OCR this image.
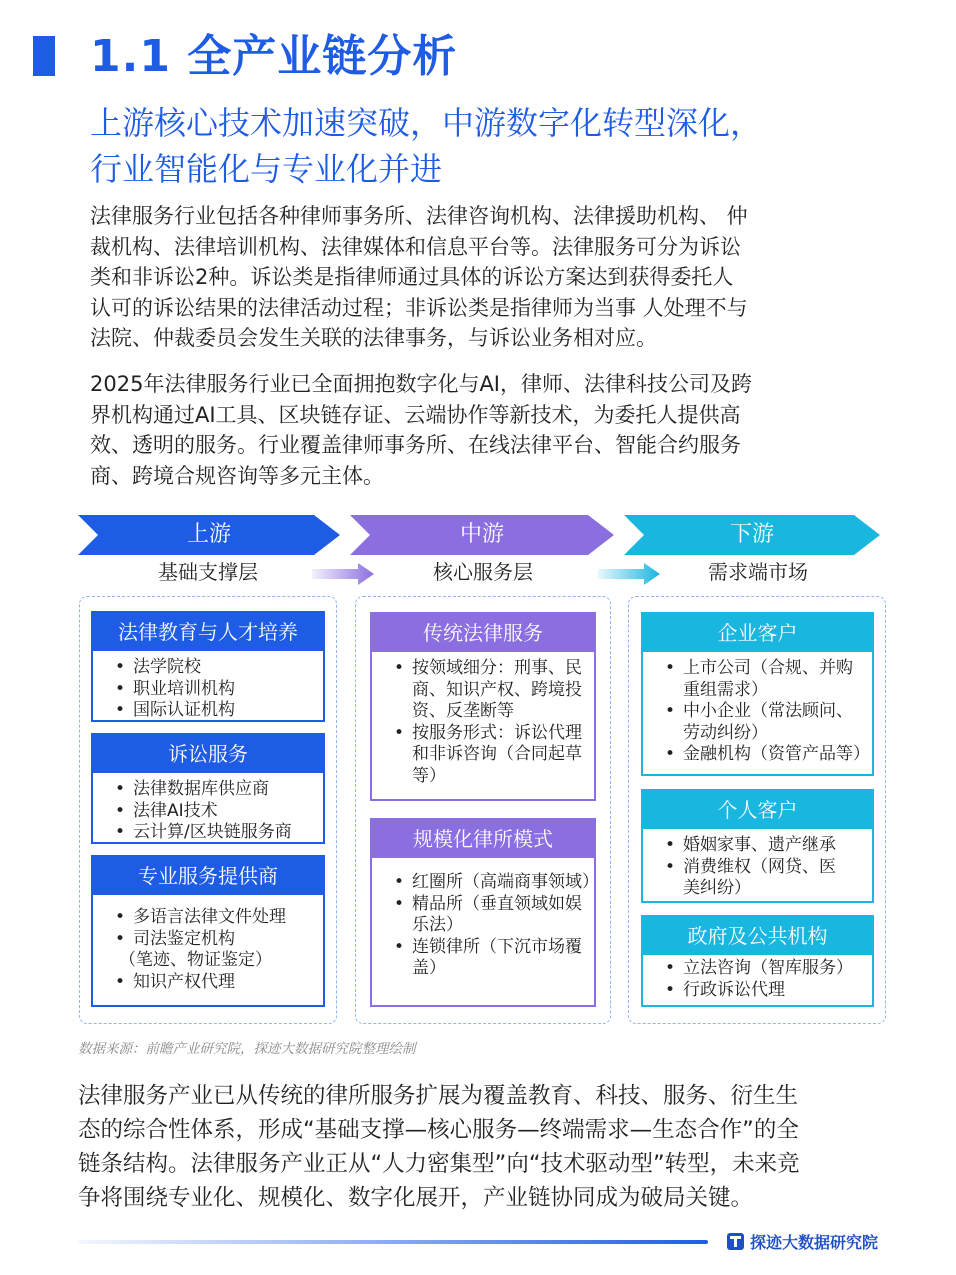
1.1 全产业链分析
上游核心技术加速突破，中游数字化转型深化，
行业智能化与专业化并进
法律服务行业包括各种律师事务所、法律咨询机构、法律援助机构、 仲
裁机构、法律培训机构、法律媒体和信息平台等。法律服务可分为诉讼
类和非诉讼2种。诉讼类是指律师通过具体的诉讼方案达到获得委托人
认可的诉讼结果的法律活动过程；非诉讼类是指律师为当事 人处理不与
法院、仲裁委员会发生关联的法律事务，与诉讼业务相对应。
2025年法律服务行业已全面拥抱数字化与AI，律师、法律科技公司及跨
界机构通过AI工具、区块链存证、云端协作等新技术，为委托人提供高
效、透明的服务。行业覆盖律师事务所、在线法律平台、智能合约服务
商、跨境合规咨询等多元主体。
上游	中游	下游
基础支撑层	核心服务层	需求端市场
法律教育与人才培养
• 法学院校
• 职业培训机构
• 国际认证机构
诉讼服务
• 法律数据库供应商
• 法律AI技术
• 云计算/区块链服务商
专业服务提供商
• 多语言法律文件处理
• 司法鉴定机构
（笔迹、物证鉴定）
• 知识产权代理
传统法律服务
• 按领域细分：刑事、民
商、知识产权、跨境投
资、反垄断等
• 按服务形式：诉讼代理
和非诉咨询（合同起草
等）
规模化律所模式
• 红圈所（高端商事领域）
• 精品所（垂直领域如娱
乐法）
• 连锁律所（下沉市场覆
盖）
企业客户
• 上市公司（合规、并购
重组需求）
• 中小企业（常法顾问、
劳动纠纷）
• 金融机构（资管产品等）
个人客户
• 婚姻家事、遗产继承
• 消费维权（网贷、医
美纠纷）
政府及公共机构
• 立法咨询（智库服务）
• 行政诉讼代理
数据来源：前瞻产业研究院，探迹大数据研究院整理绘制
法律服务产业已从传统的律所服务扩展为覆盖教育、科技、服务、衍生生
态的综合性体系，形成“基础支撑—核心服务—终端需求—生态合作”的全
链条结构。法律服务产业正从“人力密集型”向“技术驱动型”转型，未来竞
争将围绕专业化、规模化、数字化展开，产业链协同成为破局关键。
探迹大数据研究院
